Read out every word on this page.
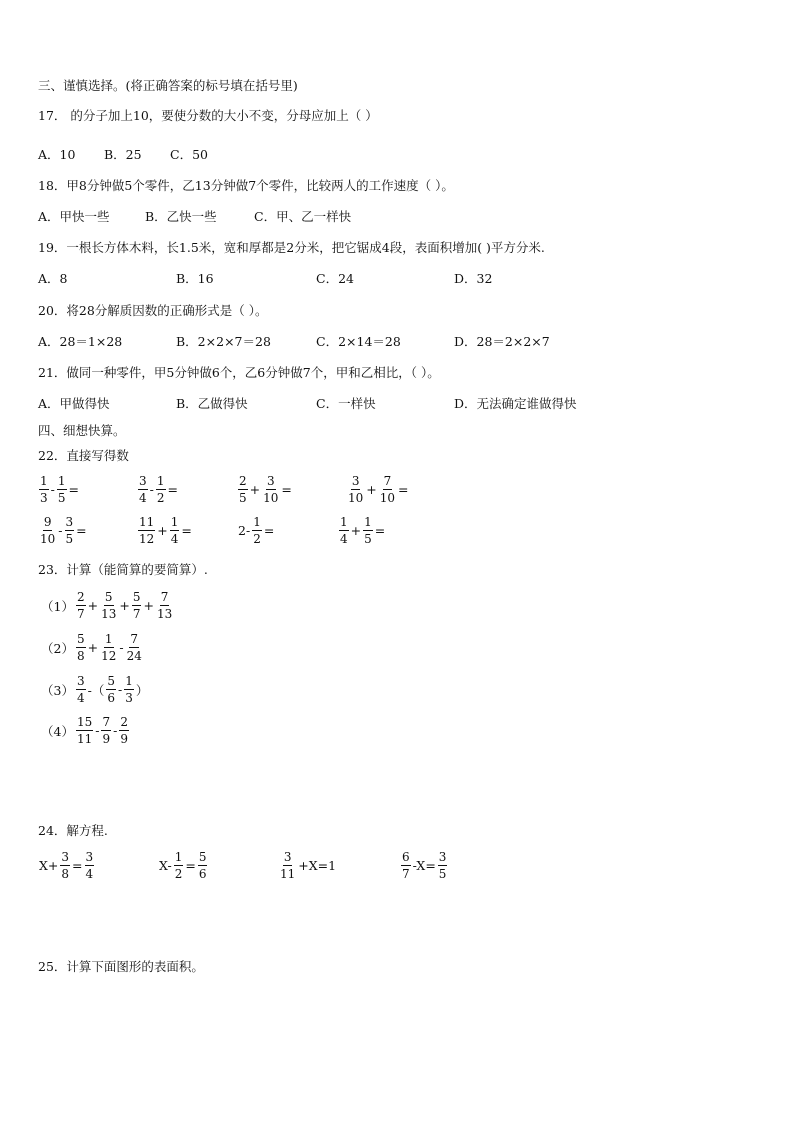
三、谨慎选择。(将正确答案的标号填在括号里)
17． 的分子加上10，要使分数的大小不变，分母应加上（ ）
A．10 B．25 C．50
18．甲8分钟做5个零件，乙13分钟做7个零件，比较两人的工作速度（ ）。
A．甲快一些	B．乙快一些	C．甲、乙一样快
19．一根长方体木料，长1.5米，宽和厚都是2分米，把它锯成4段，表面积增加( )平方分米.
A．8	B．16	C．24	D．32
20．将28分解质因数的正确形式是（ ）。
A．28＝1×28	B．2×2×7＝28	C．2×14＝28	D．28＝2×2×7
21．做同一种零件，甲5分钟做6个，乙6分钟做7个，甲和乙相比，（ ）。
A．甲做得快	B．乙做得快	C．一样快	D．无法确定谁做得快
四、细想快算。
22．直接写得数
$\frac{1}{3} - \frac{1}{5}$ =	$\frac{3}{4} - \frac{1}{2}$ =	$\frac{2}{5} + \frac{3}{10}$ =	$\frac{3}{10} + \frac{7}{10}$ =
$\frac{9}{10} - \frac{3}{5}$ =	$\frac{11}{12} + \frac{1}{4}$ =	$2- \frac{1}{2}$ =	$\frac{1}{4} + \frac{1}{5}$ =
23．计算（能简算的要简算）.
$(1) \frac{2}{7} + \frac{5}{13} + \frac{5}{7} + \frac{7}{13}$
$(2) \frac{5}{8} + \frac{1}{12} - \frac{7}{24}$
$(3) \frac{3}{4}$ -（ $\frac{5}{6} - \frac{1}{3}$ ）
$(4) \frac{15}{11} - \frac{7}{9} - \frac{2}{9}$
24．解方程.
$X+ \frac{3}{8} = \frac{3}{4}$	$X- \frac{1}{2} = \frac{5}{6}$	$\frac{3}{11} +X=1$	$\frac{6}{7} -X= \frac{3}{5}$
25．计算下面图形的表面积。
